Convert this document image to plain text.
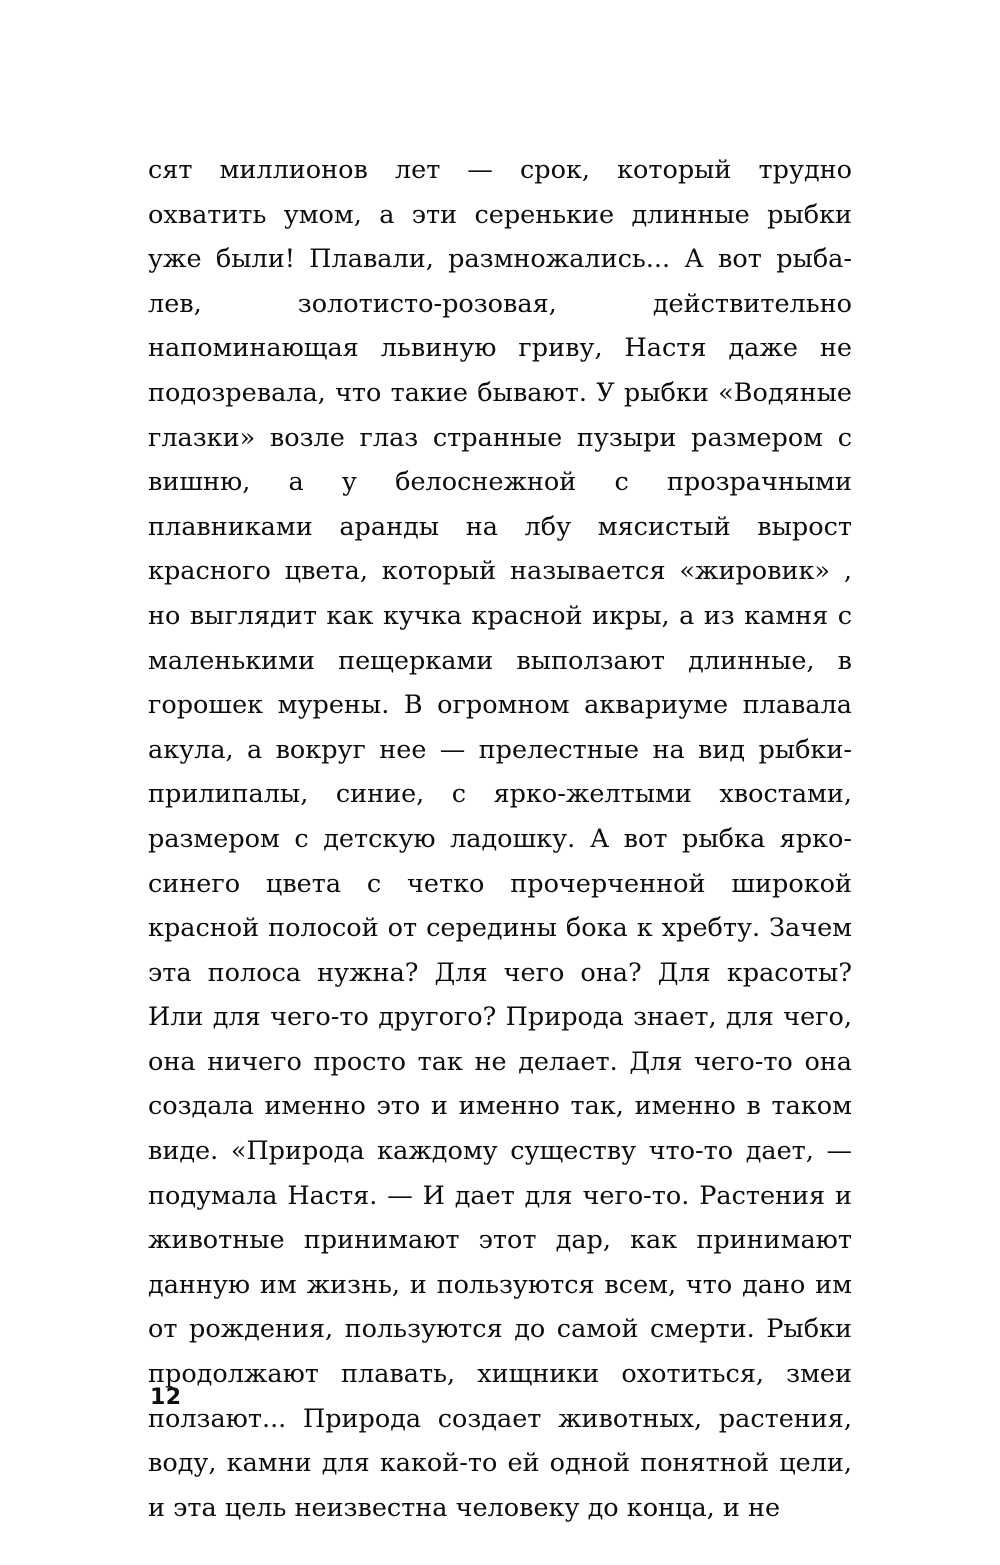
сят миллионов лет — срок, который трудно охватить умом, а эти серенькие длинные рыбки уже были! Плавали, размножались... А вот рыба-лев, золотисто-розовая, действительно напоминающая львиную гриву, Настя даже не подозревала, что такие бывают. У рыбки «Водяные глазки» возле глаз странные пузыри размером с вишню, а у белоснежной с прозрачными плавниками аранды на лбу мясистый вырост красного цвета, который называется «жировик» , но выглядит как кучка красной икры, а из камня с маленькими пещерками выползают длинные, в горошек мурены. В огромном аквариуме плавала акула, а вокруг нее — прелестные на вид рыбки-прилипалы, синие, с ярко-желтыми хвостами, размером с детскую ладошку. А вот рыбка ярко-синего цвета с четко прочерченной широкой красной полосой от середины бока к хребту. Зачем эта полоса нужна? Для чего она? Для красоты? Или для чего-то другого? Природа знает, для чего, она ничего просто так не делает. Для чего-то она создала именно это и именно так, именно в таком виде. «Природа каждому существу что-то дает, — подумала Настя. — И дает для чего-то. Растения и животные принимают этот дар, как принимают данную им жизнь, и пользуются всем, что дано им от рождения, пользуются до самой смерти. Рыбки продолжают плавать, хищники охотиться, змеи ползают... Природа создает животных, растения, воду, камни для какой-то ей одной понятной цели, и эта цель неизвестна человеку до конца, и не

12
